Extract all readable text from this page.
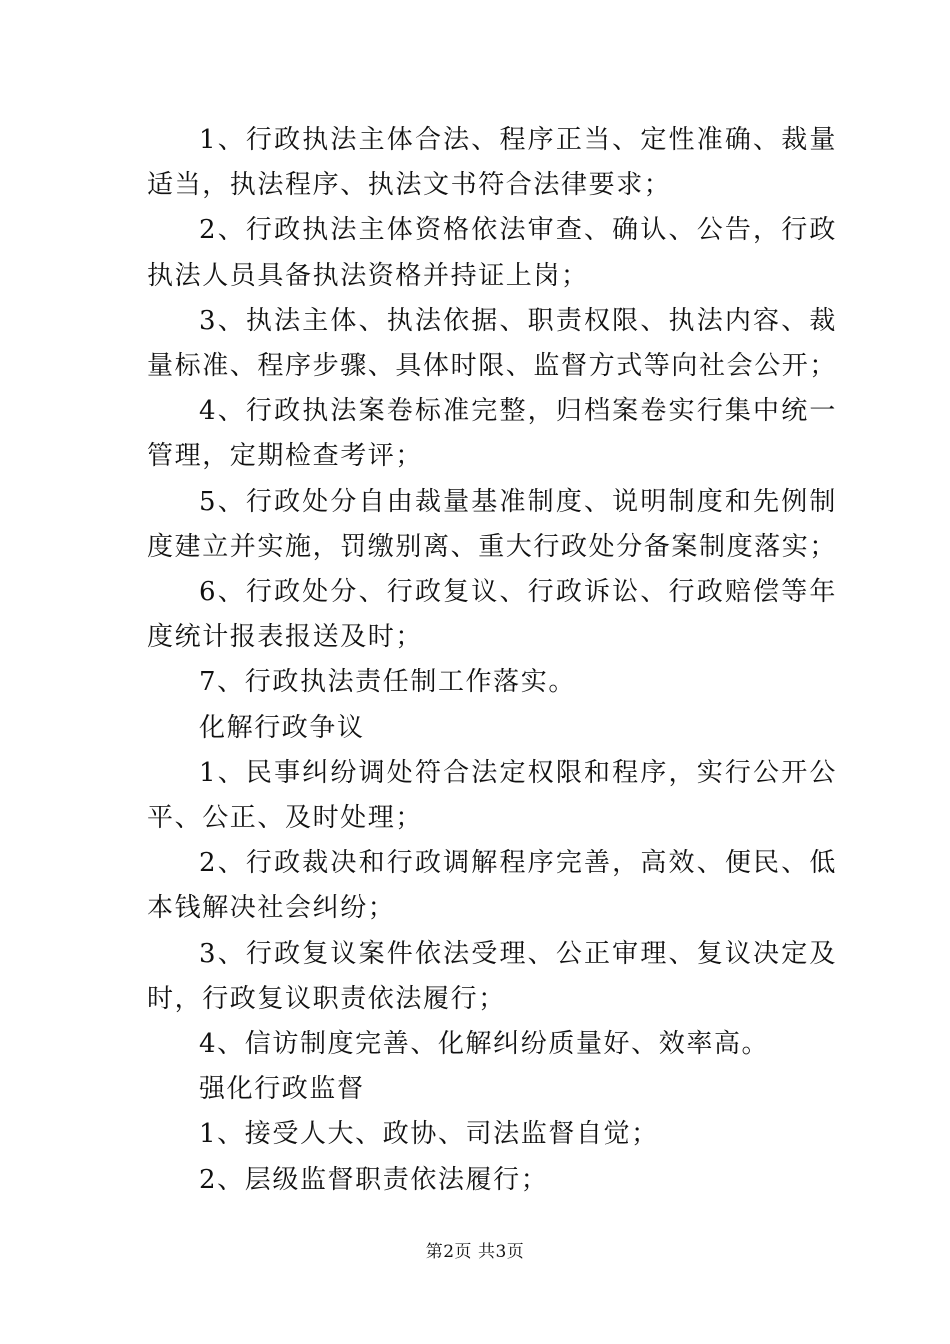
1、行政执法主体合法、程序正当、定性准确、裁量适当，执法程序、执法文书符合法律要求；

2、行政执法主体资格依法审查、确认、公告，行政执法人员具备执法资格并持证上岗；

3、执法主体、执法依据、职责权限、执法内容、裁量标准、程序步骤、具体时限、监督方式等向社会公开；

4、行政执法案卷标准完整，归档案卷实行集中统一管理，定期检查考评；

5、行政处分自由裁量基准制度、说明制度和先例制度建立并实施，罚缴别离、重大行政处分备案制度落实；

6、行政处分、行政复议、行政诉讼、行政赔偿等年度统计报表报送及时；

7、行政执法责任制工作落实。

化解行政争议

1、民事纠纷调处符合法定权限和程序，实行公开公平、公正、及时处理；

2、行政裁决和行政调解程序完善，高效、便民、低本钱解决社会纠纷；

3、行政复议案件依法受理、公正审理、复议决定及时，行政复议职责依法履行；

4、信访制度完善、化解纠纷质量好、效率高。

强化行政监督

1、接受人大、政协、司法监督自觉；

2、层级监督职责依法履行；

第2页 共3页
